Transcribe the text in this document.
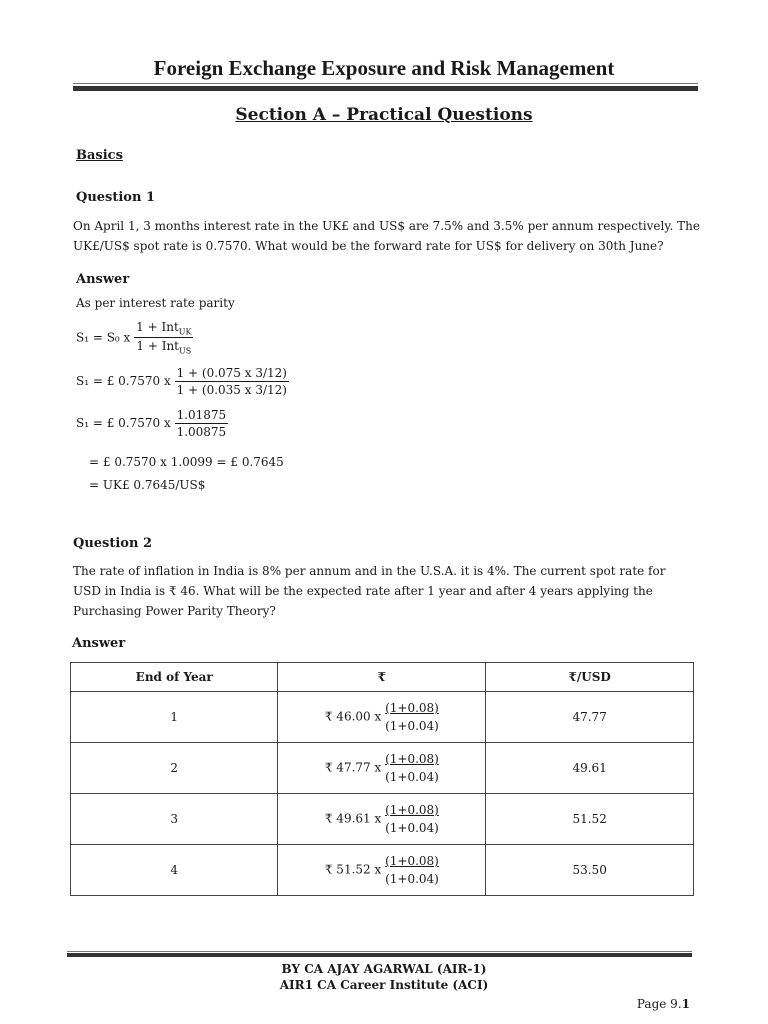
Foreign Exchange Exposure and Risk Management
Section A – Practical Questions
Basics
Question 1
On April 1, 3 months interest rate in the UK£ and US$ are 7.5% and 3.5% per annum respectively. The UK£/US$ spot rate is 0.7570. What would be the forward rate for US$ for delivery on 30th June?
Answer
As per interest rate parity
S₁ = S₀ x $\frac{1 + Int_{UK}}{1 + Int_{US}}$
S₁ = £ 0.7570 x $\frac{1 + (0.075 x 3/12)}{1 + (0.035 x 3/12)}$
S₁ = £ 0.7570 x $\frac{1.01875}{1.00875}$
= £ 0.7570 x 1.0099 = £ 0.7645
= UK£ 0.7645/US$
Question 2
The rate of inflation in India is 8% per annum and in the U.S.A. it is 4%. The current spot rate for USD in India is ₹ 46. What will be the expected rate after 1 year and after 4 years applying the Purchasing Power Parity Theory?
Answer
End of Year	₹	₹/USD
1	₹ 46.00 x $\frac{(1+0.08)}{(1+0.04)}$	47.77
2	₹ 47.77 x $\frac{(1+0.08)}{(1+0.04)}$	49.61
3	₹ 49.61 x $\frac{(1+0.08)}{(1+0.04)}$	51.52
4	₹ 51.52 x $\frac{(1+0.08)}{(1+0.04)}$	53.50
BY CA AJAY AGARWAL (AIR-1)
AIR1 CA Career Institute (ACI)
Page 9.1
